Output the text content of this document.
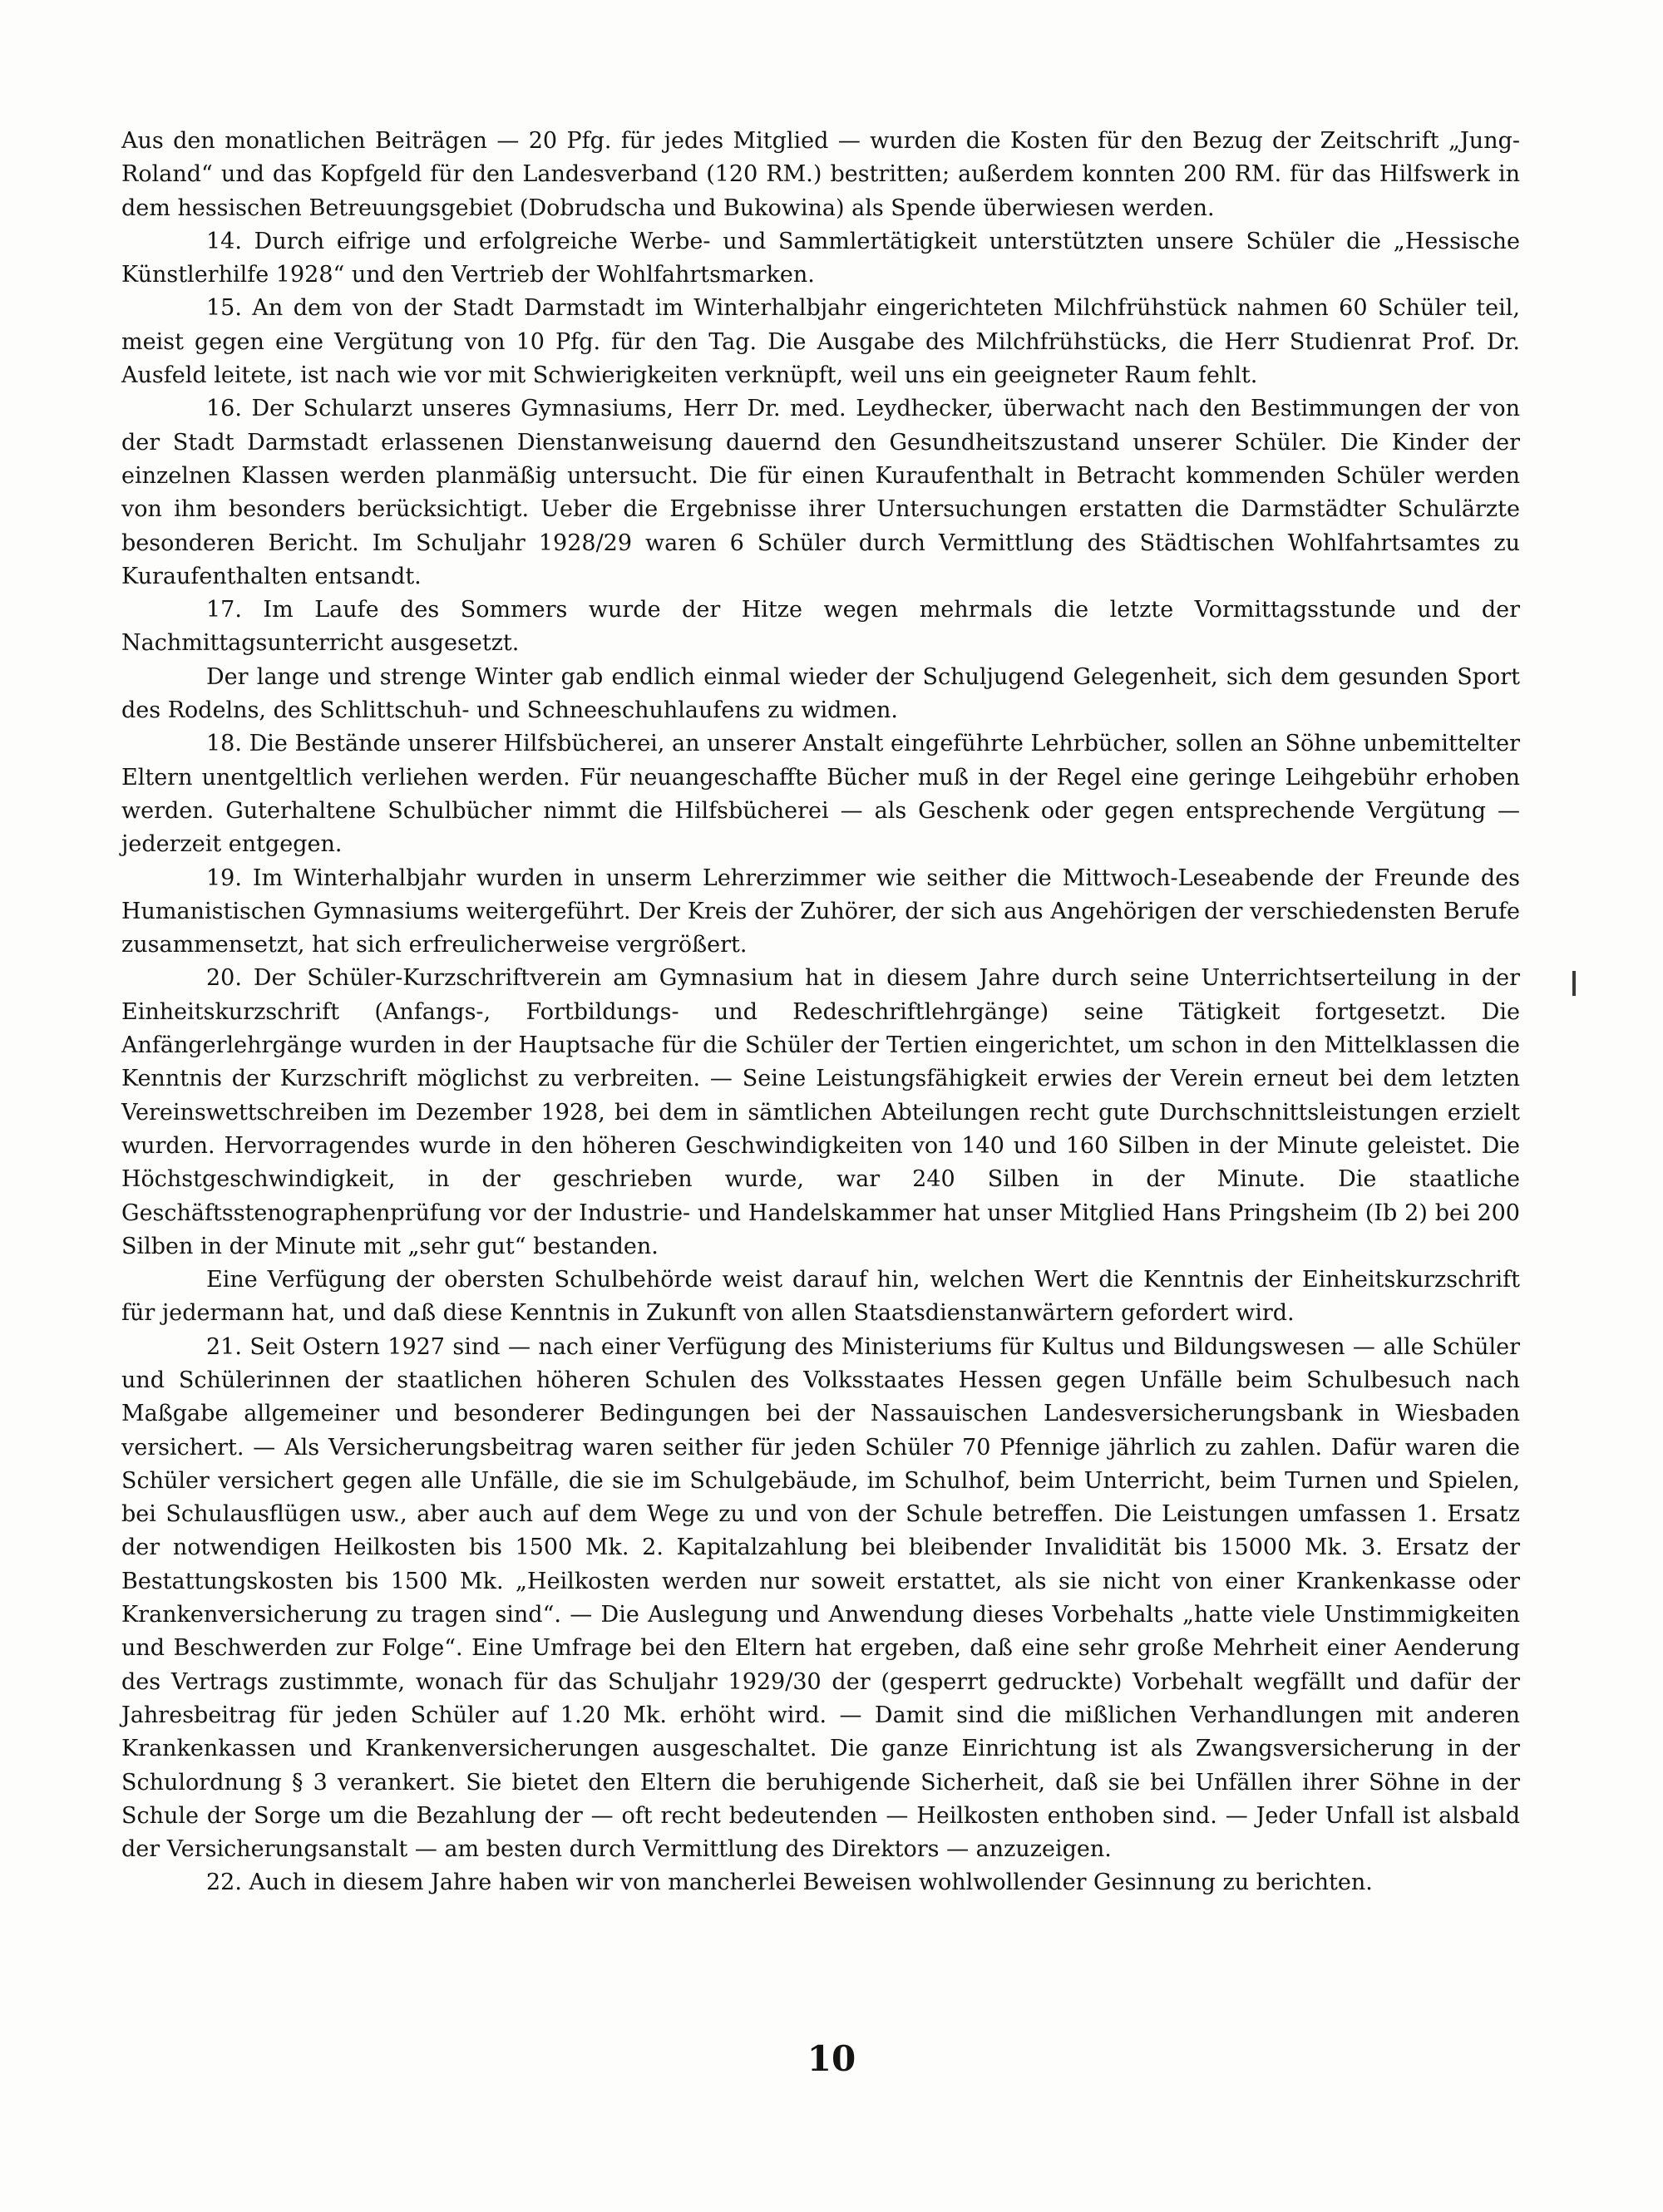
Aus den monatlichen Beiträgen — 20 Pfg. für jedes Mitglied — wurden die Kosten für den Bezug der Zeitschrift „Jung-Roland“ und das Kopfgeld für den Landesverband (120 RM.) bestritten; außerdem konnten 200 RM. für das Hilfswerk in dem hessischen Betreuungsgebiet (Dobrudscha und Bukowina) als Spende überwiesen werden.

14. Durch eifrige und erfolgreiche Werbe- und Sammlertätigkeit unterstützten unsere Schüler die „Hessische Künstlerhilfe 1928“ und den Vertrieb der Wohlfahrtsmarken.

15. An dem von der Stadt Darmstadt im Winterhalbjahr eingerichteten Milchfrühstück nahmen 60 Schüler teil, meist gegen eine Vergütung von 10 Pfg. für den Tag. Die Ausgabe des Milchfrühstücks, die Herr Studienrat Prof. Dr. Ausfeld leitete, ist nach wie vor mit Schwierigkeiten verknüpft, weil uns ein geeigneter Raum fehlt.

16. Der Schularzt unseres Gymnasiums, Herr Dr. med. Leydhecker, überwacht nach den Bestimmungen der von der Stadt Darmstadt erlassenen Dienstanweisung dauernd den Gesundheitszustand unserer Schüler. Die Kinder der einzelnen Klassen werden planmäßig untersucht. Die für einen Kuraufenthalt in Betracht kommenden Schüler werden von ihm besonders berücksichtigt. Ueber die Ergebnisse ihrer Untersuchungen erstatten die Darmstädter Schulärzte besonderen Bericht. Im Schuljahr 1928/29 waren 6 Schüler durch Vermittlung des Städtischen Wohlfahrtsamtes zu Kuraufenthalten entsandt.

17. Im Laufe des Sommers wurde der Hitze wegen mehrmals die letzte Vormittagsstunde und der Nachmittagsunterricht ausgesetzt.

Der lange und strenge Winter gab endlich einmal wieder der Schuljugend Gelegenheit, sich dem gesunden Sport des Rodelns, des Schlittschuh- und Schneeschuhlaufens zu widmen.

18. Die Bestände unserer Hilfsbücherei, an unserer Anstalt eingeführte Lehrbücher, sollen an Söhne unbemittelter Eltern unentgeltlich verliehen werden. Für neuangeschaffte Bücher muß in der Regel eine geringe Leihgebühr erhoben werden. Guterhaltene Schulbücher nimmt die Hilfsbücherei — als Geschenk oder gegen entsprechende Vergütung — jederzeit entgegen.

19. Im Winterhalbjahr wurden in unserm Lehrerzimmer wie seither die Mittwoch-Leseabende der Freunde des Humanistischen Gymnasiums weitergeführt. Der Kreis der Zuhörer, der sich aus Angehörigen der verschiedensten Berufe zusammensetzt, hat sich erfreulicherweise vergrößert.

20. Der Schüler-Kurzschriftverein am Gymnasium hat in diesem Jahre durch seine Unterrichtserteilung in der Einheitskurzschrift (Anfangs-, Fortbildungs- und Redeschriftlehrgänge) seine Tätigkeit fortgesetzt. Die Anfängerlehrgänge wurden in der Hauptsache für die Schüler der Tertien eingerichtet, um schon in den Mittelklassen die Kenntnis der Kurzschrift möglichst zu verbreiten. — Seine Leistungsfähigkeit erwies der Verein erneut bei dem letzten Vereinswettschreiben im Dezember 1928, bei dem in sämtlichen Abteilungen recht gute Durchschnittsleistungen erzielt wurden. Hervorragendes wurde in den höheren Geschwindigkeiten von 140 und 160 Silben in der Minute geleistet. Die Höchstgeschwindigkeit, in der geschrieben wurde, war 240 Silben in der Minute. Die staatliche Geschäftsstenographenprüfung vor der Industrie- und Handelskammer hat unser Mitglied Hans Pringsheim (Ib 2) bei 200 Silben in der Minute mit „sehr gut“ bestanden.

Eine Verfügung der obersten Schulbehörde weist darauf hin, welchen Wert die Kenntnis der Einheitskurzschrift für jedermann hat, und daß diese Kenntnis in Zukunft von allen Staatsdienstanwärtern gefordert wird.

21. Seit Ostern 1927 sind — nach einer Verfügung des Ministeriums für Kultus und Bildungswesen — alle Schüler und Schülerinnen der staatlichen höheren Schulen des Volksstaates Hessen gegen Unfälle beim Schulbesuch nach Maßgabe allgemeiner und besonderer Bedingungen bei der Nassauischen Landesversicherungsbank in Wiesbaden versichert. — Als Versicherungsbeitrag waren seither für jeden Schüler 70 Pfennige jährlich zu zahlen. Dafür waren die Schüler versichert gegen alle Unfälle, die sie im Schulgebäude, im Schulhof, beim Unterricht, beim Turnen und Spielen, bei Schulausflügen usw., aber auch auf dem Wege zu und von der Schule betreffen. Die Leistungen umfassen 1. Ersatz der notwendigen Heilkosten bis 1500 Mk. 2. Kapitalzahlung bei bleibender Invalidität bis 15000 Mk. 3. Ersatz der Bestattungskosten bis 1500 Mk. „Heilkosten werden nur soweit erstattet, als sie nicht von einer Krankenkasse oder Krankenversicherung zu tragen sind“. — Die Auslegung und Anwendung dieses Vorbehalts „hatte viele Unstimmigkeiten und Beschwerden zur Folge“. Eine Umfrage bei den Eltern hat ergeben, daß eine sehr große Mehrheit einer Aenderung des Vertrags zustimmte, wonach für das Schuljahr 1929/30 der (gesperrt gedruckte) Vorbehalt wegfällt und dafür der Jahresbeitrag für jeden Schüler auf 1.20 Mk. erhöht wird. — Damit sind die mißlichen Verhandlungen mit anderen Krankenkassen und Krankenversicherungen ausgeschaltet. Die ganze Einrichtung ist als Zwangsversicherung in der Schulordnung § 3 verankert. Sie bietet den Eltern die beruhigende Sicherheit, daß sie bei Unfällen ihrer Söhne in der Schule der Sorge um die Bezahlung der — oft recht bedeutenden — Heilkosten enthoben sind. — Jeder Unfall ist alsbald der Versicherungsanstalt — am besten durch Vermittlung des Direktors — anzuzeigen.

22. Auch in diesem Jahre haben wir von mancherlei Beweisen wohlwollender Gesinnung zu berichten.

10
